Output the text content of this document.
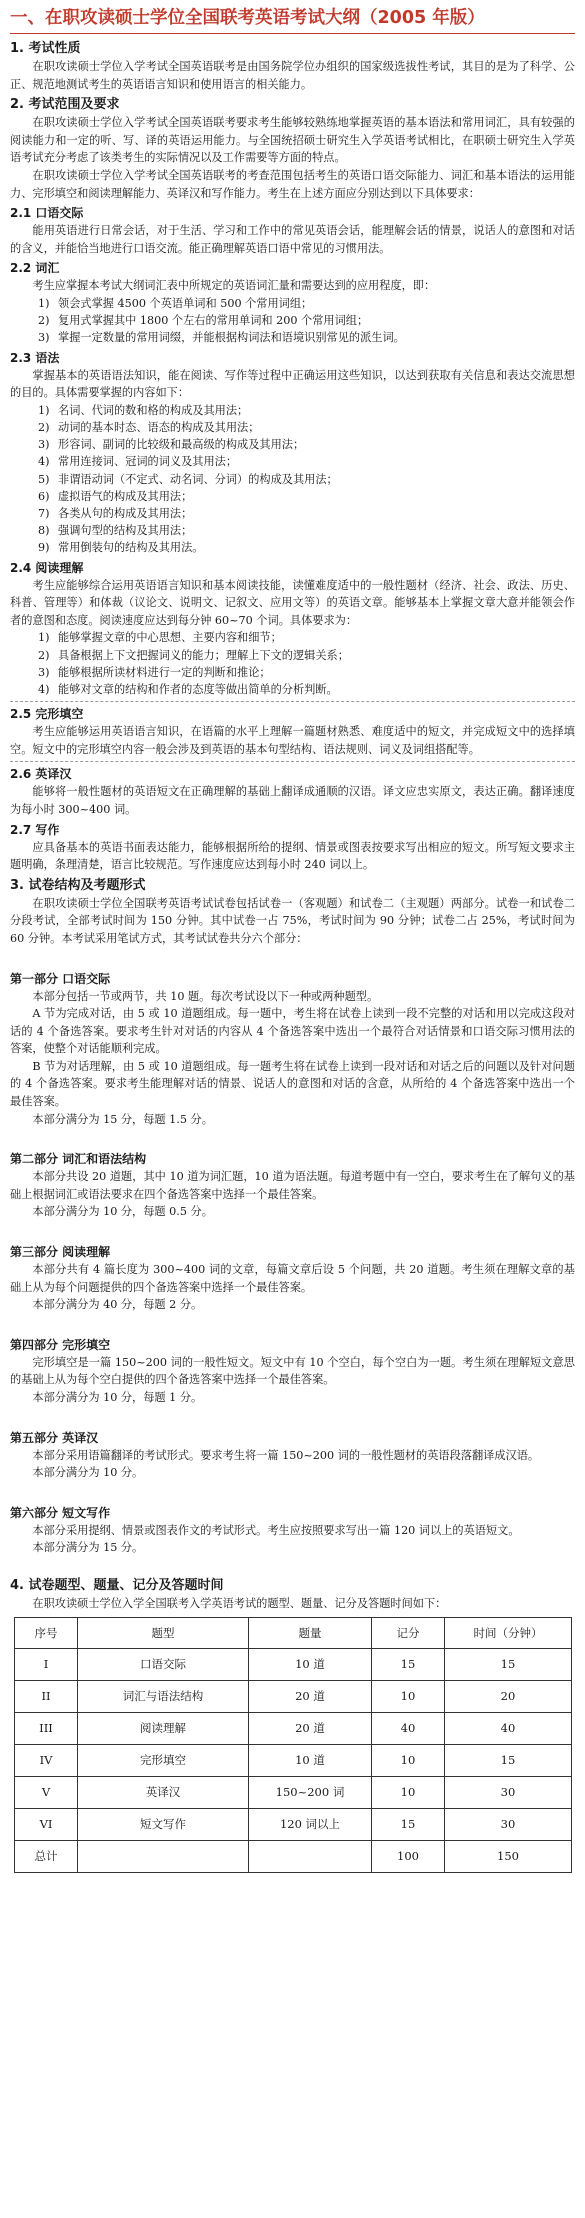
一、在职攻读硕士学位全国联考英语考试大纲（2005 年版）
1. 考试性质

在职攻读硕士学位入学考试全国英语联考是由国务院学位办组织的国家级选拔性考试，其目的是为了科学、公正、规范地测试考生的英语语言知识和使用语言的相关能力。

2. 考试范围及要求

在职攻读硕士学位入学考试全国英语联考要求考生能够较熟练地掌握英语的基本语法和常用词汇，具有较强的阅读能力和一定的听、写、译的英语运用能力。与全国统招硕士研究生入学英语考试相比，在职硕士研究生入学英语考试充分考虑了该类考生的实际情况以及工作需要等方面的特点。

在职攻读硕士学位入学考试全国英语联考的考查范围包括考生的英语口语交际能力、词汇和基本语法的运用能力、完形填空和阅读理解能力、英译汉和写作能力。考生在上述方面应分别达到以下具体要求：

2.1 口语交际

能用英语进行日常会话，对于生活、学习和工作中的常见英语会话，能理解会话的情景，说话人的意图和对话的含义，并能恰当地进行口语交流。能正确理解英语口语中常见的习惯用法。

2.2 词汇

考生应掌握本考试大纲词汇表中所规定的英语词汇量和需要达到的应用程度，即：

1) 领会式掌握 4500 个英语单词和 500 个常用词组；
2) 复用式掌握其中 1800 个左右的常用单词和 200 个常用词组；
3) 掌握一定数量的常用词缀，并能根据构词法和语境识别常见的派生词。
2.3 语法

掌握基本的英语语法知识，能在阅读、写作等过程中正确运用这些知识，以达到获取有关信息和表达交流思想的目的。具体需要掌握的内容如下：

1) 名词、代词的数和格的构成及其用法；
2) 动词的基本时态、语态的构成及其用法；
3) 形容词、副词的比较级和最高级的构成及其用法；
4) 常用连接词、冠词的词义及其用法；
5) 非谓语动词（不定式、动名词、分词）的构成及其用法；
6) 虚拟语气的构成及其用法；
7) 各类从句的构成及其用法；
8) 强调句型的结构及其用法；
9) 常用倒装句的结构及其用法。
2.4 阅读理解

考生应能够综合运用英语语言知识和基本阅读技能，读懂难度适中的一般性题材（经济、社会、政法、历史、科普、管理等）和体裁（议论文、说明文、记叙文、应用文等）的英语文章。能够基本上掌握文章大意并能领会作者的意图和态度。阅读速度应达到每分钟 60~70 个词。具体要求为：

1) 能够掌握文章的中心思想、主要内容和细节；
2) 具备根据上下文把握词义的能力；理解上下文的逻辑关系；
3) 能够根据所读材料进行一定的判断和推论；
4) 能够对文章的结构和作者的态度等做出简单的分析判断。
2.5 完形填空

考生应能够运用英语语言知识，在语篇的水平上理解一篇题材熟悉、难度适中的短文，并完成短文中的选择填空。短文中的完形填空内容一般会涉及到英语的基本句型结构、语法规则、词义及词组搭配等。

2.6 英译汉

能够将一般性题材的英语短文在正确理解的基础上翻译成通顺的汉语。译文应忠实原文，表达正确。翻译速度为每小时 300~400 词。

2.7 写作

应具备基本的英语书面表达能力，能够根据所给的提纲、情景或图表按要求写出相应的短文。所写短文要求主题明确，条理清楚，语言比较规范。写作速度应达到每小时 240 词以上。

3. 试卷结构及考题形式

在职攻读硕士学位全国联考英语考试试卷包括试卷一（客观题）和试卷二（主观题）两部分。试卷一和试卷二分段考试，全部考试时间为 150 分钟。其中试卷一占 75%，考试时间为 90 分钟；试卷二占 25%，考试时间为 60 分钟。本考试采用笔试方式，其考试试卷共分六个部分：

第一部分 口语交际

本部分包括一节或两节，共 10 题。每次考试设以下一种或两种题型。

A 节为完成对话，由 5 或 10 道题组成。每一题中，考生将在试卷上读到一段不完整的对话和用以完成这段对话的 4 个备选答案。要求考生针对对话的内容从 4 个备选答案中选出一个最符合对话情景和口语交际习惯用法的答案，使整个对话能顺利完成。

B 节为对话理解，由 5 或 10 道题组成。每一题考生将在试卷上读到一段对话和对话之后的问题以及针对问题的 4 个备选答案。要求考生能理解对话的情景、说话人的意图和对话的含意，从所给的 4 个备选答案中选出一个最佳答案。

本部分满分为 15 分，每题 1.5 分。

第二部分 词汇和语法结构

本部分共设 20 道题，其中 10 道为词汇题，10 道为语法题。每道考题中有一空白，要求考生在了解句义的基础上根据词汇或语法要求在四个备选答案中选择一个最佳答案。

本部分满分为 10 分，每题 0.5 分。

第三部分 阅读理解

本部分共有 4 篇长度为 300~400 词的文章，每篇文章后设 5 个问题，共 20 道题。考生须在理解文章的基础上从为每个问题提供的四个备选答案中选择一个最佳答案。

本部分满分为 40 分，每题 2 分。

第四部分 完形填空

完形填空是一篇 150~200 词的一般性短文。短文中有 10 个空白，每个空白为一题。考生须在理解短文意思的基础上从为每个空白提供的四个备选答案中选择一个最佳答案。

本部分满分为 10 分，每题 1 分。

第五部分 英译汉

本部分采用语篇翻译的考试形式。要求考生将一篇 150~200 词的一般性题材的英语段落翻译成汉语。

本部分满分为 10 分。

第六部分 短文写作

本部分采用提纲、情景或图表作文的考试形式。考生应按照要求写出一篇 120 词以上的英语短文。

本部分满分为 15 分。

4. 试卷题型、题量、记分及答题时间

在职攻读硕士学位入学全国联考入学英语考试的题型、题量、记分及答题时间如下：

序号	题型	题量	记分	时间（分钟）
I	口语交际	10 道	15	15
II	词汇与语法结构	20 道	10	20
III	阅读理解	20 道	40	40
IV	完形填空	10 道	10	15
V	英译汉	150~200 词	10	30
VI	短文写作	120 词以上	15	30
总计			100	150
